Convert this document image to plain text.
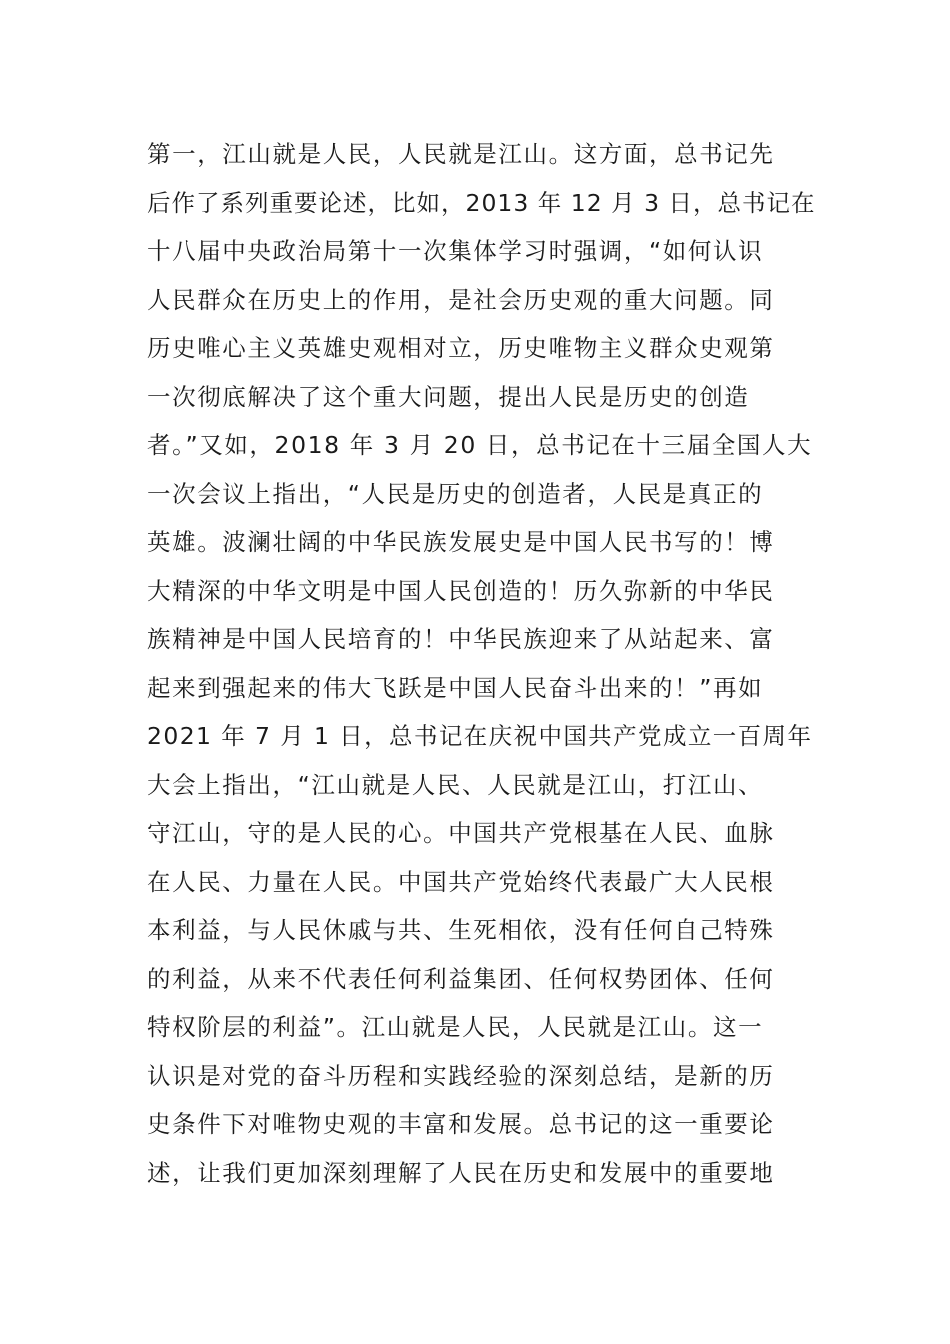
第一，江山就是人民，人民就是江山。这方面，总书记先
后作了系列重要论述，比如，2013 年 12 月 3 日，总书记在
十八届中央政治局第十一次集体学习时强调，“如何认识
人民群众在历史上的作用，是社会历史观的重大问题。同
历史唯心主义英雄史观相对立，历史唯物主义群众史观第
一次彻底解决了这个重大问题，提出人民是历史的创造
者。”又如，2018 年 3 月 20 日，总书记在十三届全国人大
一次会议上指出，“人民是历史的创造者，人民是真正的
英雄。波澜壮阔的中华民族发展史是中国人民书写的！博
大精深的中华文明是中国人民创造的！历久弥新的中华民
族精神是中国人民培育的！中华民族迎来了从站起来、富
起来到强起来的伟大飞跃是中国人民奋斗出来的！”再如
2021 年 7 月 1 日，总书记在庆祝中国共产党成立一百周年
大会上指出，“江山就是人民、人民就是江山，打江山、
守江山，守的是人民的心。中国共产党根基在人民、血脉
在人民、力量在人民。中国共产党始终代表最广大人民根
本利益，与人民休戚与共、生死相依，没有任何自己特殊
的利益，从来不代表任何利益集团、任何权势团体、任何
特权阶层的利益”。江山就是人民，人民就是江山。这一
认识是对党的奋斗历程和实践经验的深刻总结，是新的历
史条件下对唯物史观的丰富和发展。总书记的这一重要论
述，让我们更加深刻理解了人民在历史和发展中的重要地
